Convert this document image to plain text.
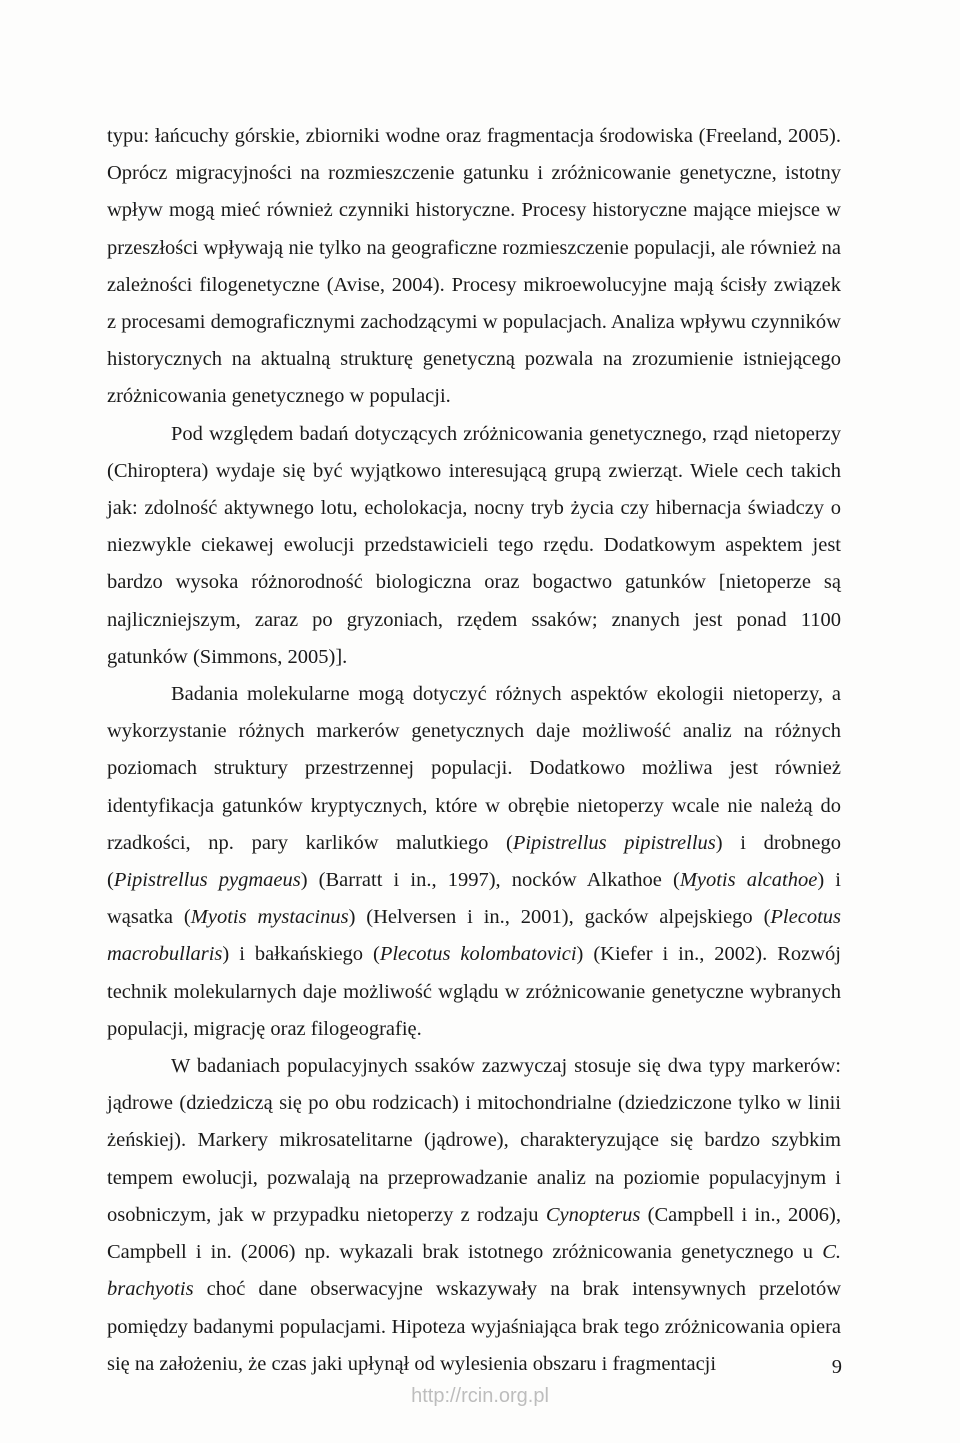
typu: łańcuchy górskie, zbiorniki wodne oraz fragmentacja środowiska (Freeland, 2005). Oprócz migracyjności na rozmieszczenie gatunku i zróżnicowanie genetyczne, istotny wpływ mogą mieć również czynniki historyczne. Procesy historyczne mające miejsce w przeszłości wpływają nie tylko na geograficzne rozmieszczenie populacji, ale również na zależności filogenetyczne (Avise, 2004). Procesy mikroewolucyjne mają ścisły związek z procesami demograficznymi zachodzącymi w populacjach. Analiza wpływu czynników historycznych na aktualną strukturę genetyczną pozwala na zrozumienie istniejącego zróżnicowania genetycznego w populacji.

Pod względem badań dotyczących zróżnicowania genetycznego, rząd nietoperzy (Chiroptera) wydaje się być wyjątkowo interesującą grupą zwierząt. Wiele cech takich jak: zdolność aktywnego lotu, echolokacja, nocny tryb życia czy hibernacja świadczy o niezwykle ciekawej ewolucji przedstawicieli tego rzędu. Dodatkowym aspektem jest bardzo wysoka różnorodność biologiczna oraz bogactwo gatunków [nietoperze są najliczniejszym, zaraz po gryzoniach, rzędem ssaków; znanych jest ponad 1100 gatunków (Simmons, 2005)].

Badania molekularne mogą dotyczyć różnych aspektów ekologii nietoperzy, a wykorzystanie różnych markerów genetycznych daje możliwość analiz na różnych poziomach struktury przestrzennej populacji. Dodatkowo możliwa jest również identyfikacja gatunków kryptycznych, które w obrębie nietoperzy wcale nie należą do rzadkości, np. pary karlików malutkiego (Pipistrellus pipistrellus) i drobnego (Pipistrellus pygmaeus) (Barratt i in., 1997), nocków Alkathoe (Myotis alcathoe) i wąsatka (Myotis mystacinus) (Helversen i in., 2001), gacków alpejskiego (Plecotus macrobullaris) i bałkańskiego (Plecotus kolombatovici) (Kiefer i in., 2002). Rozwój technik molekularnych daje możliwość wglądu w zróżnicowanie genetyczne wybranych populacji, migrację oraz filogeografię.

W badaniach populacyjnych ssaków zazwyczaj stosuje się dwa typy markerów: jądrowe (dziedziczą się po obu rodzicach) i mitochondrialne (dziedziczone tylko w linii żeńskiej). Markery mikrosatelitarne (jądrowe), charakteryzujące się bardzo szybkim tempem ewolucji, pozwalają na przeprowadzanie analiz na poziomie populacyjnym i osobniczym, jak w przypadku nietoperzy z rodzaju Cynopterus (Campbell i in., 2006), Campbell i in. (2006) np. wykazali brak istotnego zróżnicowania genetycznego u C. brachyotis choć dane obserwacyjne wskazywały na brak intensywnych przelotów pomiędzy badanymi populacjami. Hipoteza wyjaśniająca brak tego zróżnicowania opiera się na założeniu, że czas jaki upłynął od wylesienia obszaru i fragmentacji	9
http://rcin.org.pl
